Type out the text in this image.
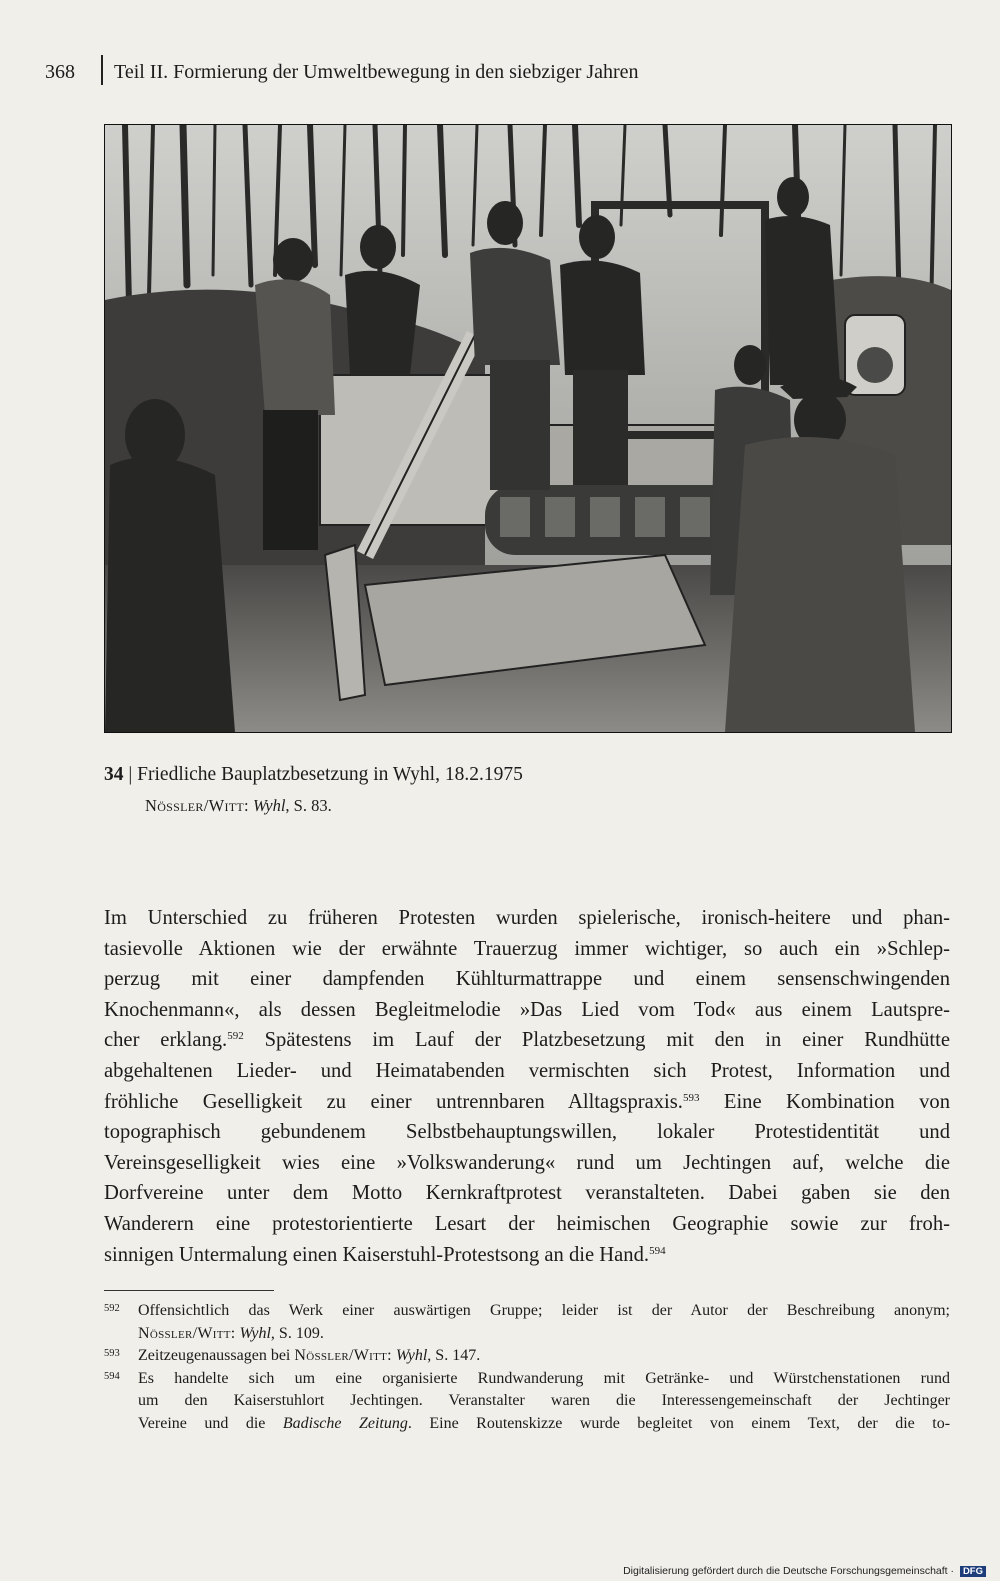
368 Teil II. Formierung der Umweltbewegung in den siebziger Jahren
34 | Friedliche Bauplatzbesetzung in Wyhl, 18.2.1975
Nössler/Witt: Wyhl, S. 83.
Im Unterschied zu früheren Protesten wurden spielerische, ironisch-heitere und phan-
tasievolle Aktionen wie der erwähnte Trauerzug immer wichtiger, so auch ein »Schlep-
perzug mit einer dampfenden Kühlturmattrappe und einem sensenschwingenden
Knochenmann«, als dessen Begleitmelodie »Das Lied vom Tod« aus einem Lautspre-
cher erklang.$^{592}$ Spätestens im Lauf der Platzbesetzung mit den in einer Rundhütte
abgehaltenen Lieder- und Heimatabenden vermischten sich Protest, Information und
fröhliche Geselligkeit zu einer untrennbaren Alltagspraxis.$^{593}$ Eine Kombination von
topographisch gebundenem Selbstbehauptungswillen, lokaler Protestidentität und
Vereinsgeselligkeit wies eine »Volkswanderung« rund um Jechtingen auf, welche die
Dorfvereine unter dem Motto Kernkraftprotest veranstalteten. Dabei gaben sie den
Wanderern eine protestorientierte Lesart der heimischen Geographie sowie zur froh-
sinnigen Untermalung einen Kaiserstuhl-Protestsong an die Hand.$^{594}$
592 Offensichtlich das Werk einer auswärtigen Gruppe; leider ist der Autor der Beschreibung anonym;
Nössler/Witt: Wyhl, S. 109.
593 Zeitzeugenaussagen bei Nössler/Witt: Wyhl, S. 147.
594 Es handelte sich um eine organisierte Rundwanderung mit Getränke- und Würstchenstationen rund
um den Kaiserstuhlort Jechtingen. Veranstalter waren die Interessengemeinschaft der Jechtinger
Vereine und die Badische Zeitung. Eine Routenskizze wurde begleitet von einem Text, der die to-
Digitalisierung gefördert durch die Deutsche Forschungsgemeinschaft · DFG
